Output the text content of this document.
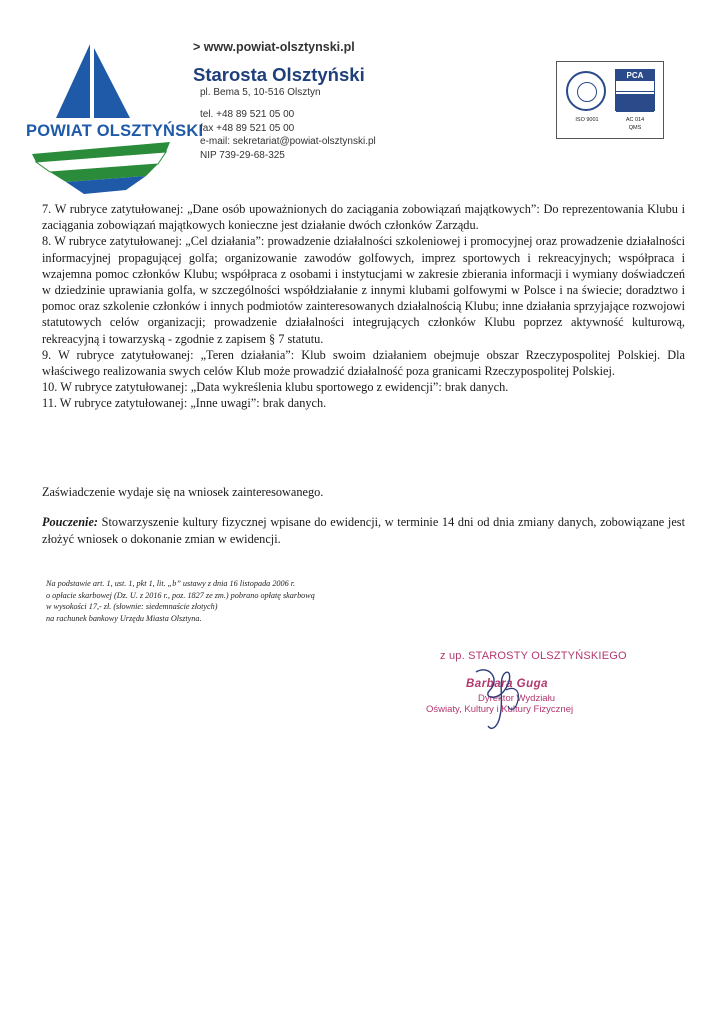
POWIAT OLSZTYŃSKI
> www.powiat-olsztynski.pl
Starosta Olsztyński
pl. Bema 5, 10-516 Olsztyn
tel. +48 89 521 05 00
fax +48 89 521 05 00
e-mail: sekretariat@powiat-olsztynski.pl
NIP 739-29-68-325
PCA
ISO 9001	AC 014
QMS

7. W rubryce zatytułowanej: „Dane osób upoważnionych do zaciągania zobowiązań majątkowych”: Do reprezentowania Klubu i zaciągania zobowiązań majątkowych konieczne jest działanie dwóch członków Zarządu.

8. W rubryce zatytułowanej: „Cel działania”: prowadzenie działalności szkoleniowej i promocyjnej oraz prowadzenie działalności informacyjnej propagującej golfa; organizowanie zawodów golfowych, imprez sportowych i rekreacyjnych; współpraca i wzajemna pomoc członków Klubu; współpraca z osobami i instytucjami w zakresie zbierania informacji i wymiany doświadczeń w dziedzinie uprawiania golfa, w szczególności współdziałanie z innymi klubami golfowymi w Polsce i na świecie; doradztwo i pomoc oraz szkolenie członków i innych podmiotów zainteresowanych działalnością Klubu; inne działania sprzyjające rozwojowi statutowych celów organizacji; prowadzenie działalności integrujących członków Klubu poprzez aktywność kulturową, rekreacyjną i towarzyską - zgodnie z zapisem § 7 statutu.

9. W rubryce zatytułowanej: „Teren działania”: Klub swoim działaniem obejmuje obszar Rzeczypospolitej Polskiej. Dla właściwego realizowania swych celów Klub może prowadzić działalność poza granicami Rzeczypospolitej Polskiej.

10. W rubryce zatytułowanej: „Data wykreślenia klubu sportowego z ewidencji”: brak danych.

11. W rubryce zatytułowanej: „Inne uwagi”: brak danych.

Zaświadczenie wydaje się na wniosek zainteresowanego.
Pouczenie: Stowarzyszenie kultury fizycznej wpisane do ewidencji, w terminie 14 dni od dnia zmiany danych, zobowiązane jest złożyć wniosek o dokonanie zmian w ewidencji.
Na podstawie art. 1, ust. 1, pkt 1, lit. „b” ustawy z dnia 16 listopada 2006 r.
o opłacie skarbowej (Dz. U. z 2016 r., poz. 1827 ze zm.) pobrano opłatę skarbową
w wysokości 17,- zł. (słownie: siedemnaście złotych)
na rachunek bankowy Urzędu Miasta Olsztyna.
z up. STAROSTY OLSZTYŃSKIEGO
Barbara Guga
Dyrektor Wydziału
Oświaty, Kultury i Kultury Fizycznej
